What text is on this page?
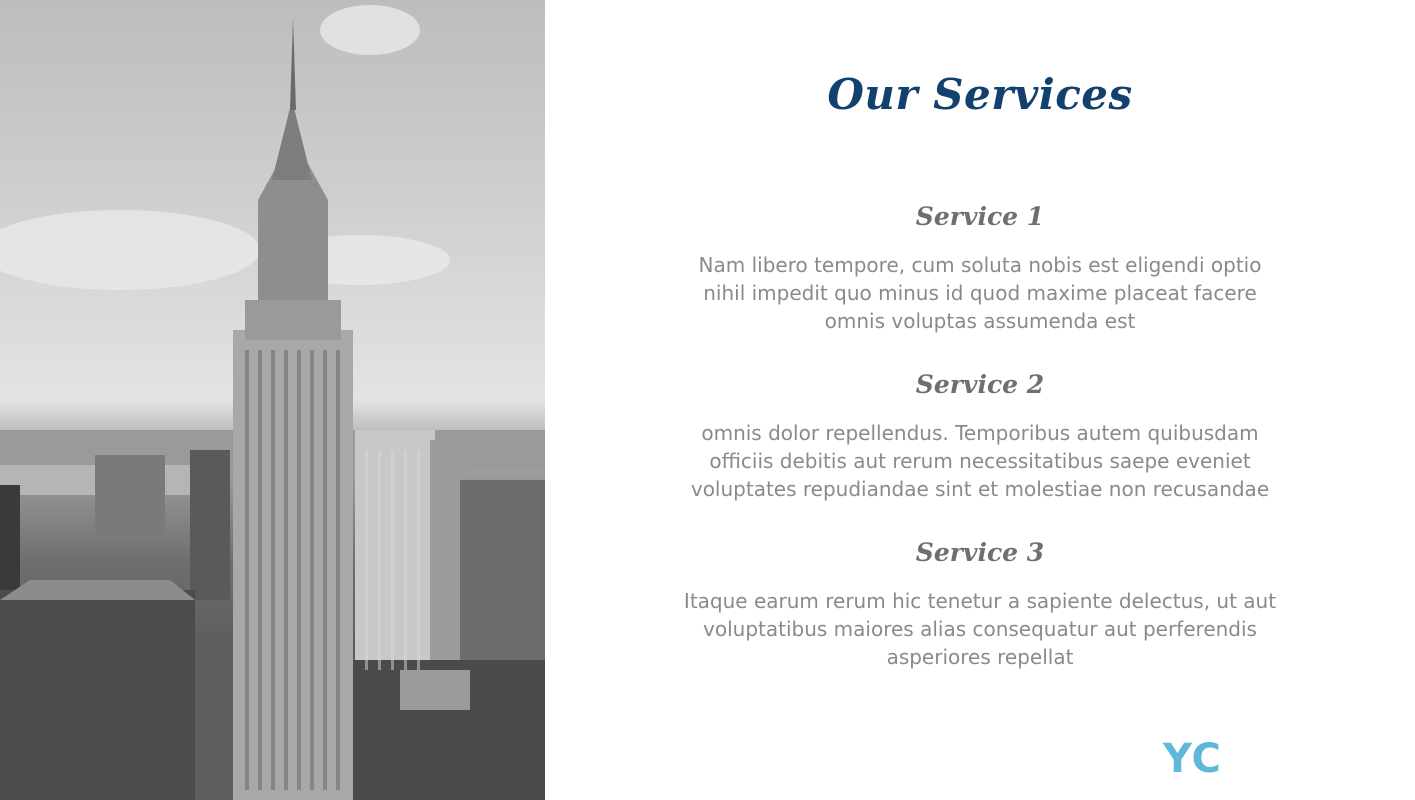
Our Services
Service 1

Nam libero tempore, cum soluta nobis est eligendi optio
nihil impedit quo minus id quod maxime placeat facere
omnis voluptas assumenda est

Service 2

omnis dolor repellendus. Temporibus autem quibusdam
officiis debitis aut rerum necessitatibus saepe eveniet
voluptates repudiandae sint et molestiae non recusandae

Service 3

Itaque earum rerum hic tenetur a sapiente delectus, ut aut
voluptatibus maiores alias consequatur aut perferendis
asperiores repellat

YC
